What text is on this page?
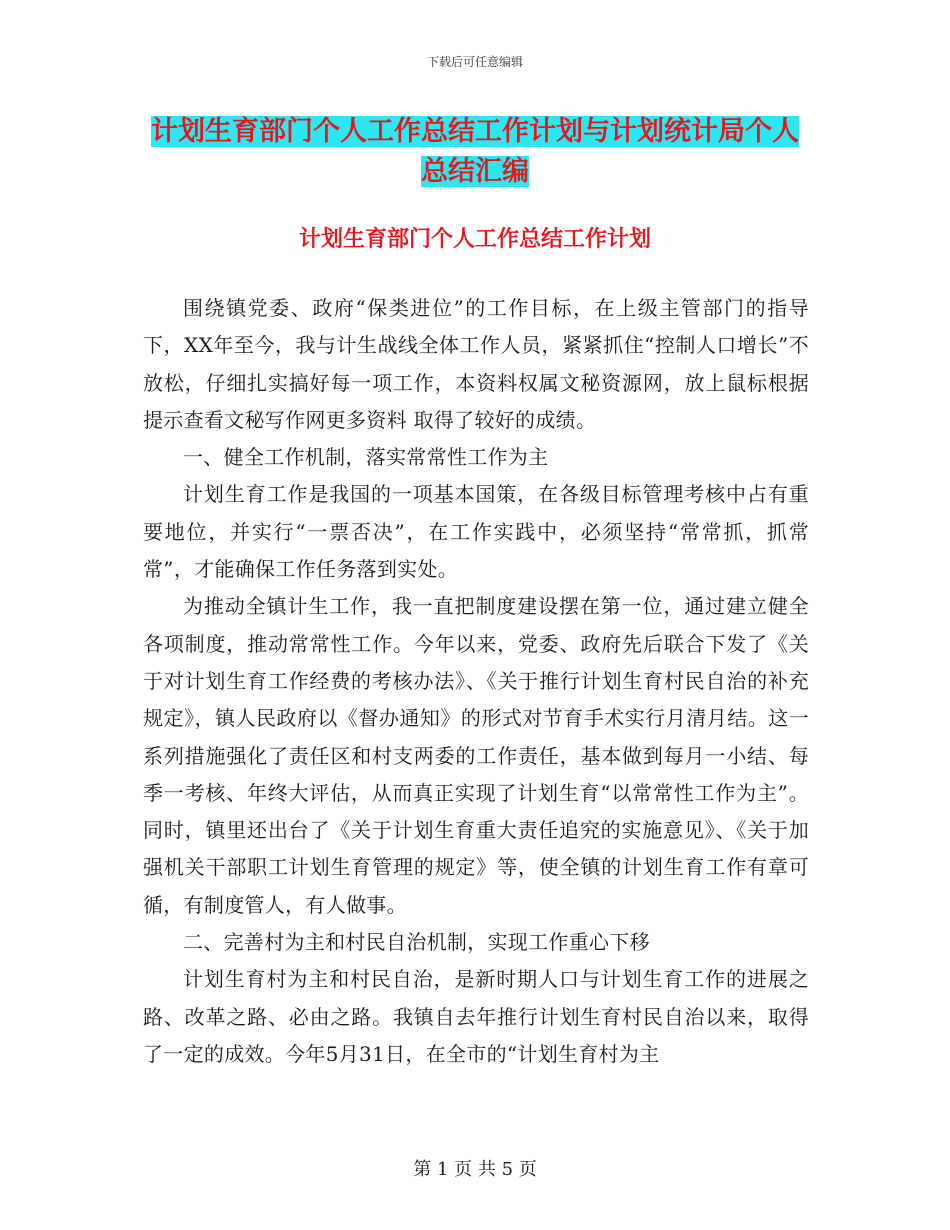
下载后可任意编辑
计划生育部门个人工作总结工作计划与计划统计局个人总结汇编
计划生育部门个人工作总结工作计划

围绕镇党委、政府“保类进位”的工作目标，在上级主管部门的指导下，XX年至今，我与计生战线全体工作人员，紧紧抓住“控制人口增长”不放松，仔细扎实搞好每一项工作，本资料权属文秘资源网，放上鼠标根据提示查看文秘写作网更多资料 取得了较好的成绩。

一、健全工作机制，落实常常性工作为主

计划生育工作是我国的一项基本国策，在各级目标管理考核中占有重要地位，并实行“一票否决”，在工作实践中，必须坚持“常常抓，抓常常”，才能确保工作任务落到实处。

为推动全镇计生工作，我一直把制度建设摆在第一位，通过建立健全各项制度，推动常常性工作。今年以来，党委、政府先后联合下发了《关于对计划生育工作经费的考核办法》、《关于推行计划生育村民自治的补充规定》，镇人民政府以《督办通知》的形式对节育手术实行月清月结。这一系列措施强化了责任区和村支两委的工作责任，基本做到每月一小结、每季一考核、年终大评估，从而真正实现了计划生育“以常常性工作为主”。同时，镇里还出台了《关于计划生育重大责任追究的实施意见》、《关于加强机关干部职工计划生育管理的规定》等，使全镇的计划生育工作有章可循，有制度管人，有人做事。

二、完善村为主和村民自治机制，实现工作重心下移

计划生育村为主和村民自治，是新时期人口与计划生育工作的进展之路、改革之路、必由之路。我镇自去年推行计划生育村民自治以来，取得了一定的成效。今年5月31日，在全市的“计划生育村为主

第 1 页 共 5 页
